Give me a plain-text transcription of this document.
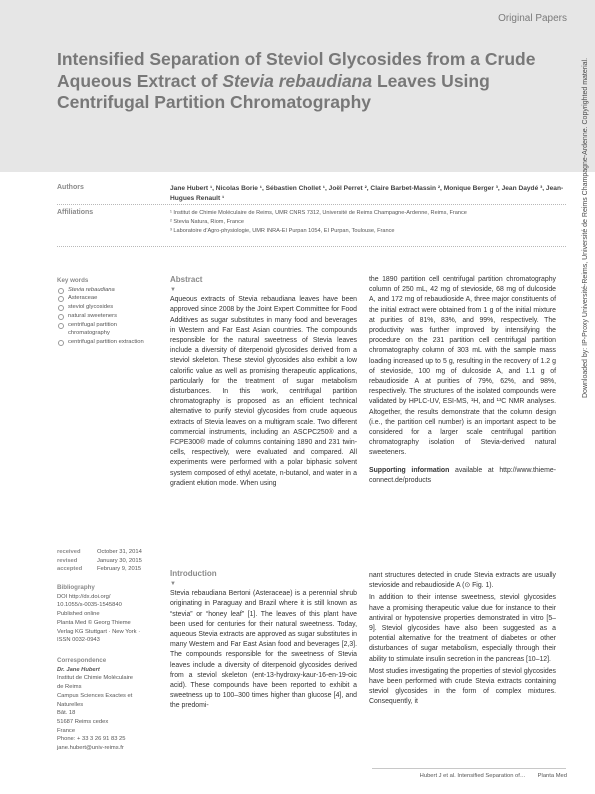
Original Papers
Intensified Separation of Steviol Glycosides from a Crude Aqueous Extract of Stevia rebaudiana Leaves Using Centrifugal Partition Chromatography
Authors	Jane Hubert ¹, Nicolas Borie ¹, Sébastien Chollet ¹, Joël Perret ², Claire Barbet-Massin ², Monique Berger ³, Jean Daydé ³, Jean-Hugues Renault ¹
Affiliations	¹ Institut de Chimie Moléculaire de Reims, UMR CNRS 7312, Université de Reims Champagne-Ardenne, Reims, France
² Stevia Natura, Riom, France
³ Laboratoire d'Agro-physiologie, UMR INRA-EI Purpan 1054, EI Purpan, Toulouse, France	Downloaded by: IP-Proxy Université-Reims, Université de Reims Champagne-Ardenne. Copyrighted material.
Key words
Stevia rebaudiana
Asteraceae
steviol glycosides
natural sweeteners
centrifugal partition chromatography
centrifugal partition extraction
received	October 31, 2014
revised	January 30, 2015
accepted	February 9, 2015
Bibliography
DOI http://dx.doi.org/
10.1055/s-0035-1545840
Published online
Planta Med © Georg Thieme
Verlag KG Stuttgart · New York ·
ISSN 0032-0943
Correspondence
Dr. Jane Hubert
Institut de Chimie Moléculaire
de Reims
Campus Sciences Exactes et
Naturelles
Bât. 18
51687 Reims cedex
France
Phone: + 33 3 26 91 83 25
jane.hubert@univ-reims.fr
Abstract
▼

Aqueous extracts of Stevia rebaudiana leaves have been approved since 2008 by the Joint Expert Committee for Food Additives as sugar substitutes in many food and beverages in Western and Far East Asian countries. The compounds responsible for the natural sweetness of Stevia leaves include a diversity of diterpenoid glycosides derived from a steviol skeleton. These steviol glycosides also exhibit a low calorific value as well as promising therapeutic applications, particularly for the treatment of sugar metabolism disturbances. In this work, centrifugal partition chromatography is proposed as an efficient technical alternative to purify steviol glycosides from crude aqueous extracts of Stevia leaves on a multigram scale. Two different commercial instruments, including an ASCPC250® and a FCPE300® made of columns containing 1890 and 231 twin-cells, respectively, were evaluated and compared. All experiments were performed with a polar biphasic solvent system composed of ethyl acetate, n-butanol, and water in a gradient elution mode. When using

the 1890 partition cell centrifugal partition chromatography column of 250 mL, 42 mg of stevioside, 68 mg of dulcoside A, and 172 mg of rebaudioside A, three major constituents of the initial extract were obtained from 1 g of the initial mixture at purities of 81%, 83%, and 99%, respectively. The productivity was further improved by intensifying the procedure on the 231 partition cell centrifugal partition chromatography column of 303 mL with the sample mass loading increased up to 5 g, resulting in the recovery of 1.2 g of stevioside, 100 mg of dulcoside A, and 1.1 g of rebaudioside A at purities of 79%, 62%, and 98%, respectively. The structures of the isolated compounds were validated by HPLC-UV, ESI-MS, ¹H, and ¹³C NMR analyses. Altogether, the results demonstrate that the column design (i.e., the partition cell number) is an important aspect to be considered for a larger scale centrifugal partition chromatography isolation of Stevia-derived natural sweeteners.

Supporting information available at http://www.thieme-connect.de/products

Introduction
▼

Stevia rebaudiana Bertoni (Asteraceae) is a perennial shrub originating in Paraguay and Brazil where it is still known as “stevia” or “honey leaf” [1]. The leaves of this plant have been used for centuries for their natural sweetness. Today, aqueous Stevia extracts are approved as sugar substitutes in many Western and Far East Asian food and beverages [2,3]. The compounds responsible for the sweetness of Stevia leaves include a diversity of diterpenoid glycosides derived from a steviol skeleton (ent-13-hydroxy-kaur-16-en-19-oic acid). These compounds have been reported to exhibit a sweetness up to 100–300 times higher than glucose [4], and the predomi-

nant structures detected in crude Stevia extracts are usually stevioside and rebaudioside A (⊙ Fig. 1).

In addition to their intense sweetness, steviol glycosides have a promising therapeutic value due for instance to their antiviral or hypotensive properties demonstrated in vitro [5–9]. Steviol glycosides have also been suggested as a potential alternative for the treatment of diabetes or other disturbances of sugar metabolism, especially through their ability to stimulate insulin secretion in the pancreas [10–12].

Most studies investigating the properties of steviol glycosides have been performed with crude Stevia extracts containing steviol glycosides in the form of complex mixtures. Consequently, it

Hubert J et al. Intensified Separation of… Planta Med
